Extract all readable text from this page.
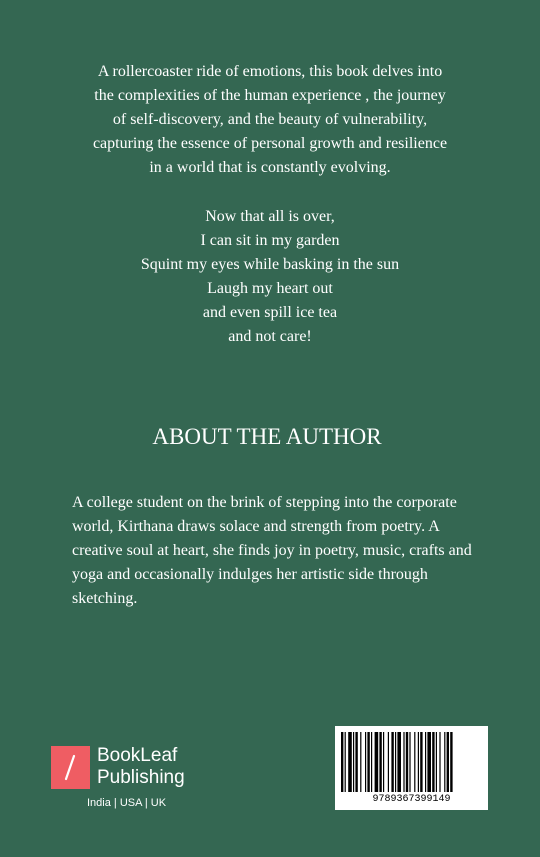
A rollercoaster ride of emotions, this book delves into

the complexities of the human experience , the journey

of self-discovery, and the beauty of vulnerability,

capturing the essence of personal growth and resilience

in a world that is constantly evolving.

Now that all is over,
I can sit in my garden
Squint my eyes while basking in the sun
Laugh my heart out
and even spill ice tea
and not care!
ABOUT THE AUTHOR

A college student on the brink of stepping into the corporate world, Kirthana draws solace and strength from poetry. A creative soul at heart, she finds joy in poetry, music, crafts and yoga and occasionally indulges her artistic side through sketching.

BookLeaf
Publishing
India | USA | UK	9789367399149
